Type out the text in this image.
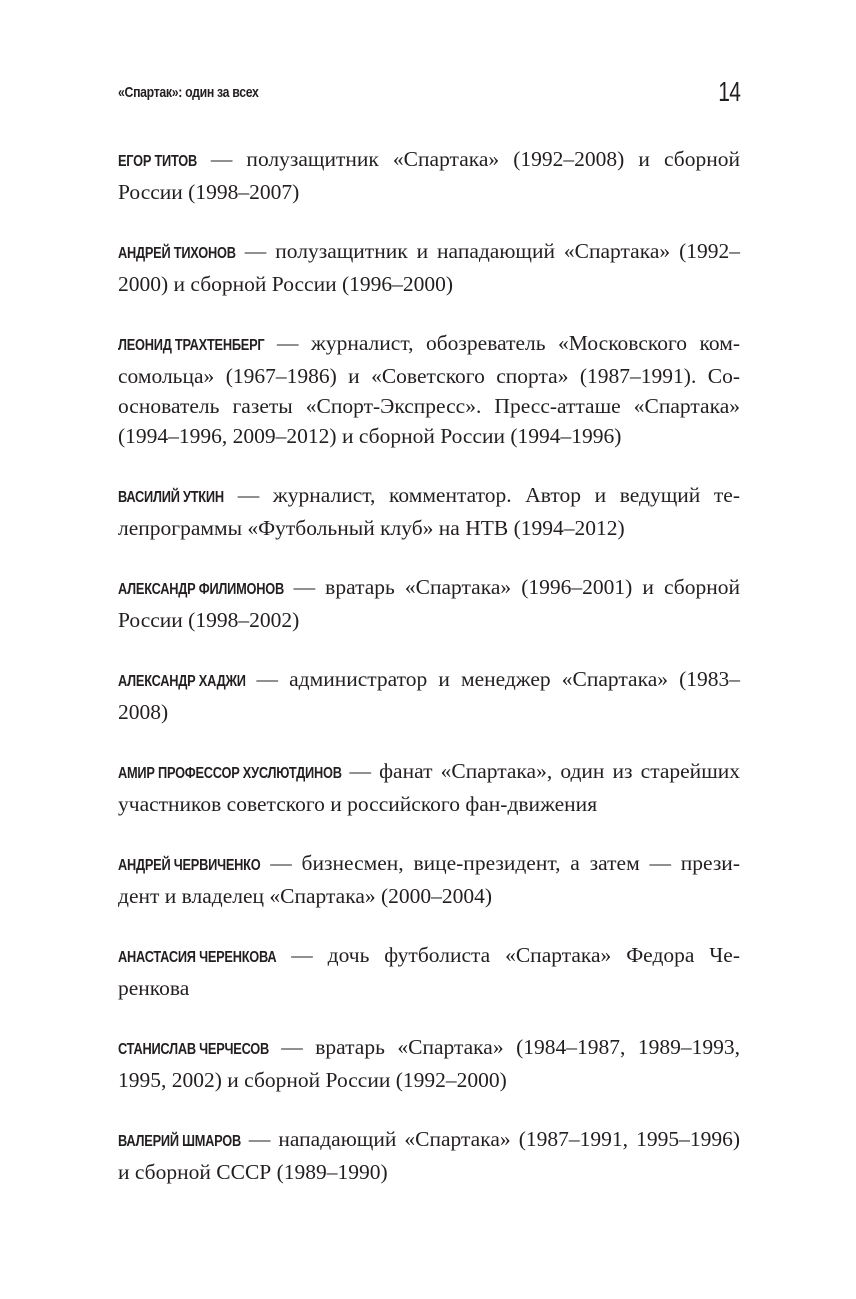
«Спартак»: один за всех	14
ЕГОР ТИТОВ — полузащитник «Спартака» (1992–2008) и сборной России (1998–2007)
АНДРЕЙ ТИХОНОВ — полузащитник и нападающий «Спартака» (1992–2000) и сборной России (1996–2000)
ЛЕОНИД ТРАХТЕНБЕРГ — журналист, обозреватель «Московского комсомольца» (1967–1986) и «Советского спорта» (1987–1991). Сооснователь газеты «Спорт-Экспресс». Пресс-атташе «Спартака» (1994–1996, 2009–2012) и сборной России (1994–1996)
ВАСИЛИЙ УТКИН — журналист, комментатор. Автор и ведущий телепрограммы «Футбольный клуб» на НТВ (1994–2012)
АЛЕКСАНДР ФИЛИМОНОВ — вратарь «Спартака» (1996–2001) и сборной России (1998–2002)
АЛЕКСАНДР ХАДЖИ — администратор и менеджер «Спартака» (1983–2008)
АМИР ПРОФЕССОР ХУСЛЮТДИНОВ — фанат «Спартака», один из старейших участников советского и российского фан-движения
АНДРЕЙ ЧЕРВИЧЕНКО — бизнесмен, вице-президент, а затем — президент и владелец «Спартака» (2000–2004)
АНАСТАСИЯ ЧЕРЕНКОВА — дочь футболиста «Спартака» Федора Черенкова
СТАНИСЛАВ ЧЕРЧЕСОВ — вратарь «Спартака» (1984–1987, 1989–1993, 1995, 2002) и сборной России (1992–2000)
ВАЛЕРИЙ ШМАРОВ — нападающий «Спартака» (1987–1991, 1995–1996) и сборной СССР (1989–1990)
